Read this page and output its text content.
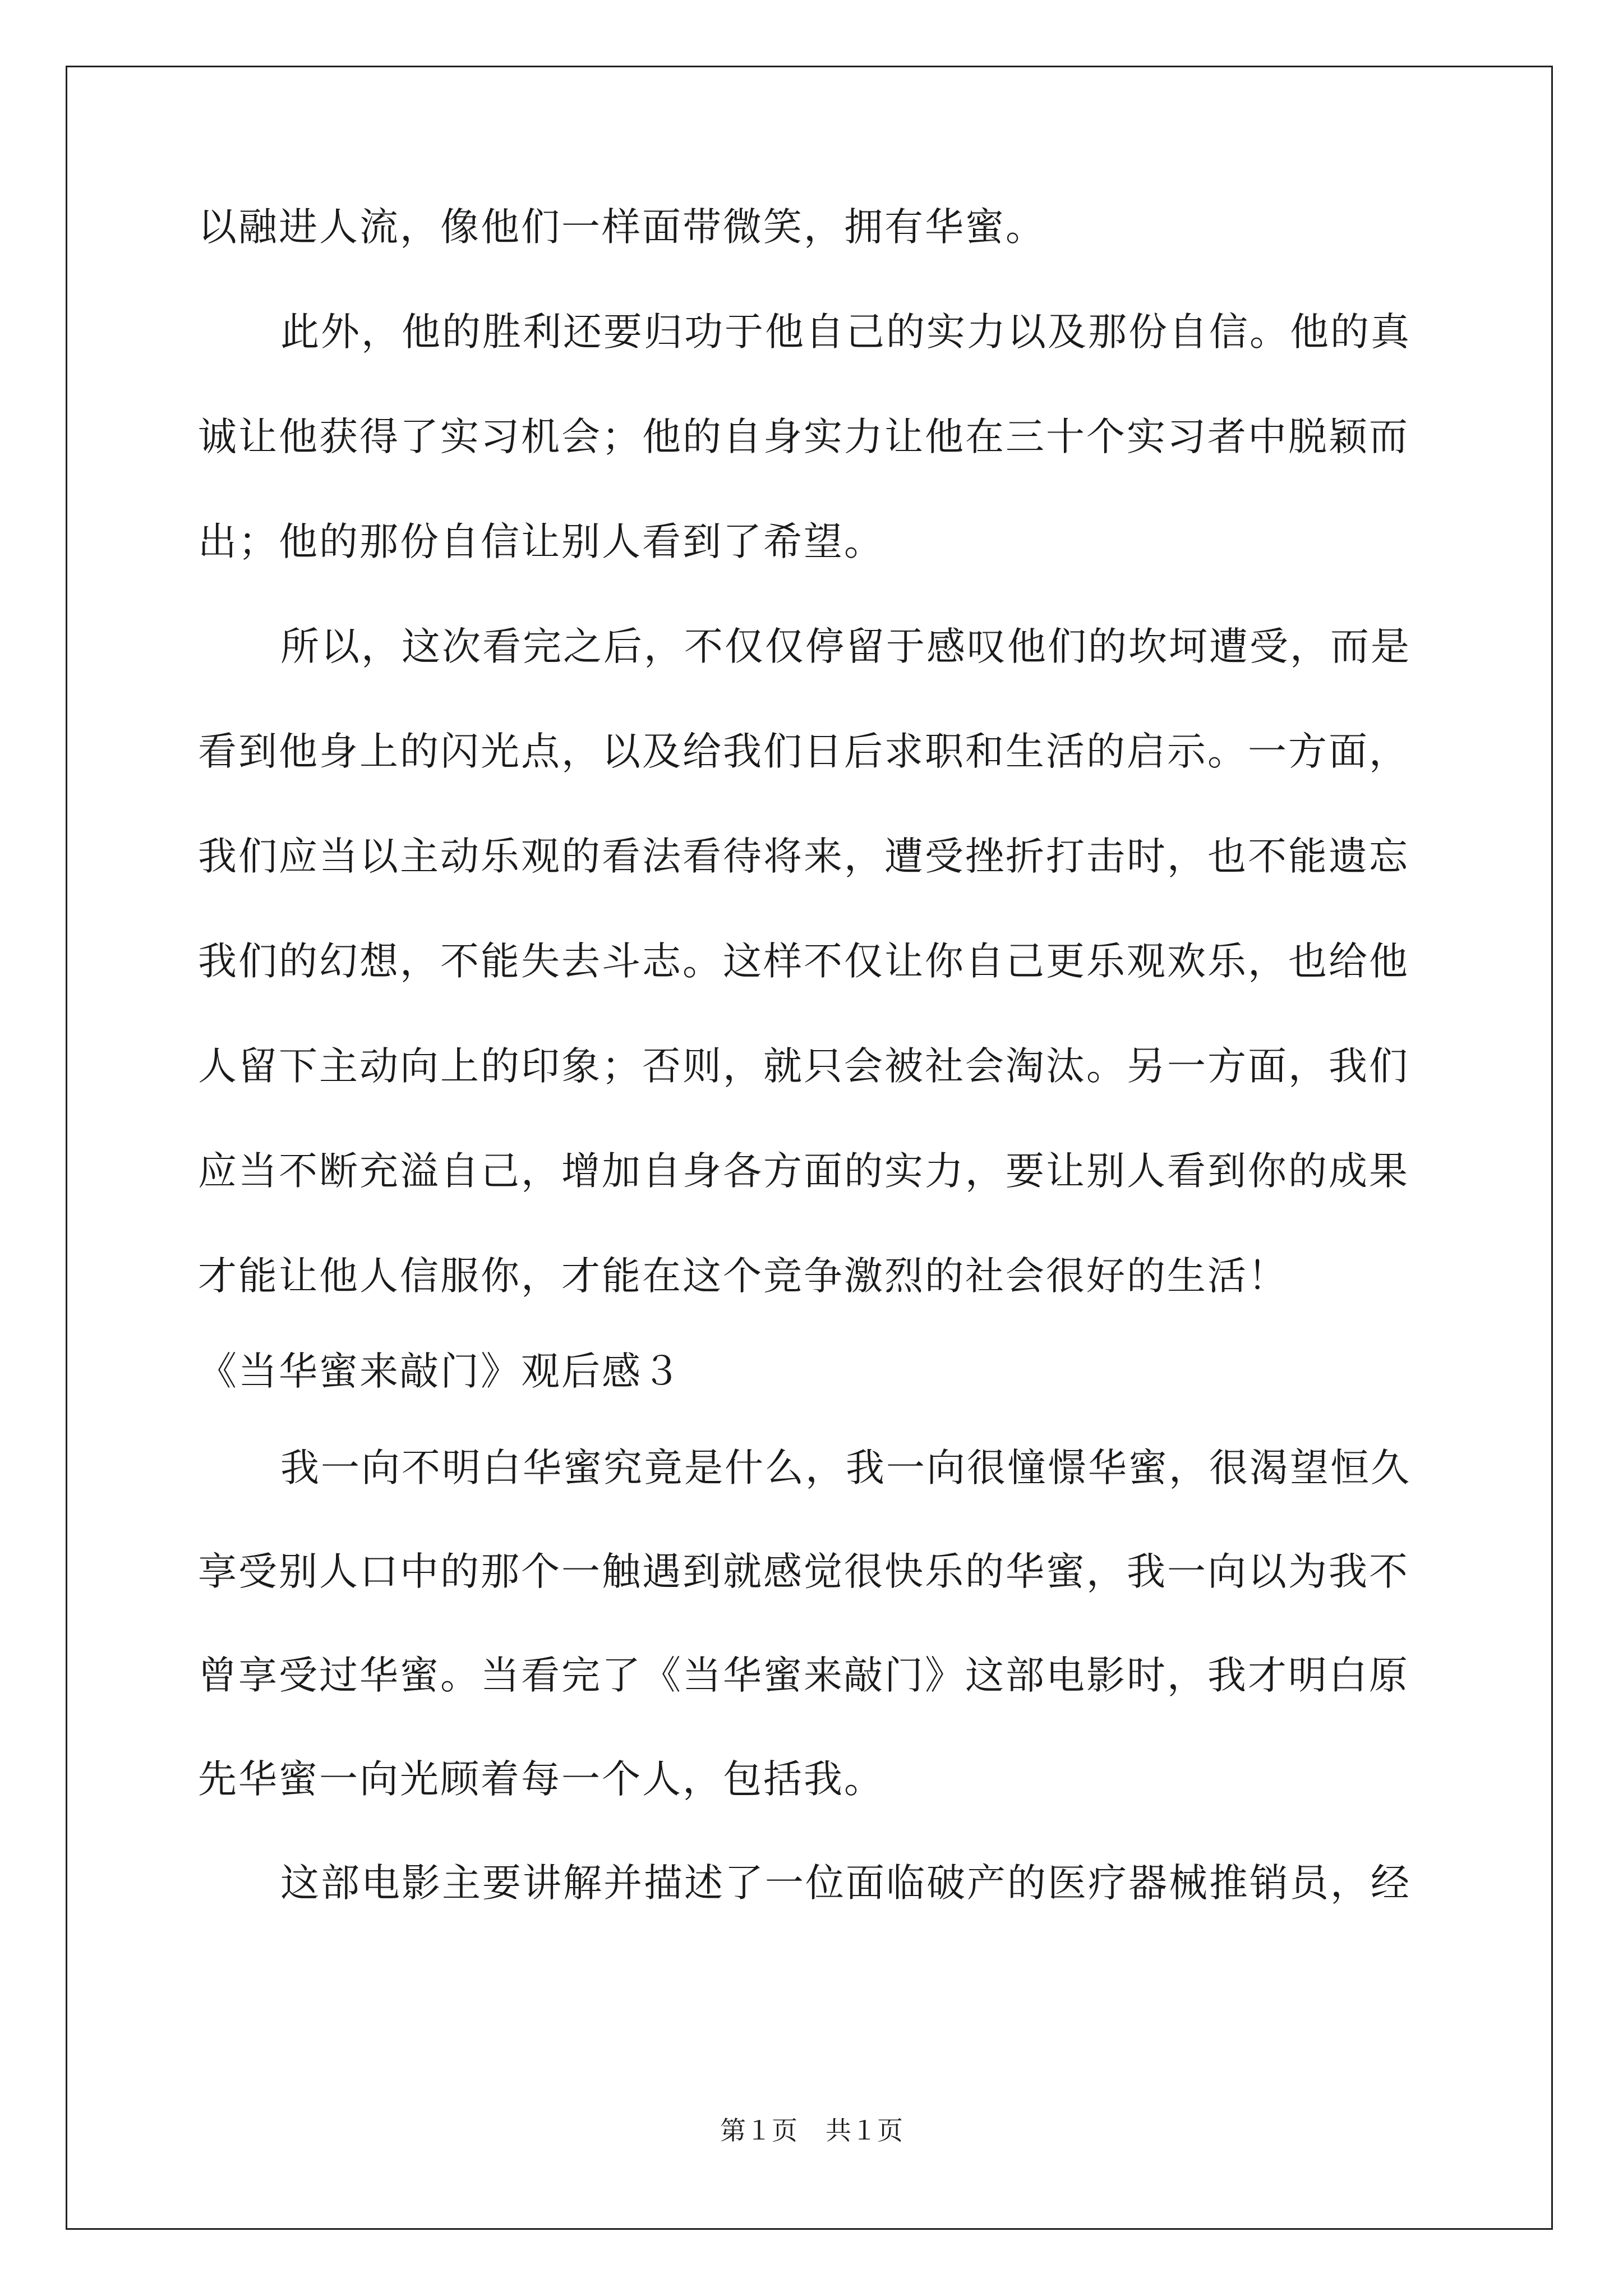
以融进人流，像他们一样面带微笑，拥有华蜜。
此外，他的胜利还要归功于他自己的实力以及那份自信。他的真
诚让他获得了实习机会；他的自身实力让他在三十个实习者中脱颖而
出；他的那份自信让别人看到了希望。
所以，这次看完之后，不仅仅停留于感叹他们的坎坷遭受，而是
看到他身上的闪光点，以及给我们日后求职和生活的启示。一方面，
我们应当以主动乐观的看法看待将来，遭受挫折打击时，也不能遗忘
我们的幻想，不能失去斗志。这样不仅让你自己更乐观欢乐，也给他
人留下主动向上的印象；否则，就只会被社会淘汰。另一方面，我们
应当不断充溢自己，增加自身各方面的实力，要让别人看到你的成果
才能让他人信服你，才能在这个竞争激烈的社会很好的生活！
《当华蜜来敲门》观后感３
我一向不明白华蜜究竟是什么，我一向很憧憬华蜜，很渴望恒久
享受别人口中的那个一触遇到就感觉很快乐的华蜜，我一向以为我不
曾享受过华蜜。当看完了《当华蜜来敲门》这部电影时，我才明白原
先华蜜一向光顾着每一个人，包括我。
这部电影主要讲解并描述了一位面临破产的医疗器械推销员，经
第１页 共１页
